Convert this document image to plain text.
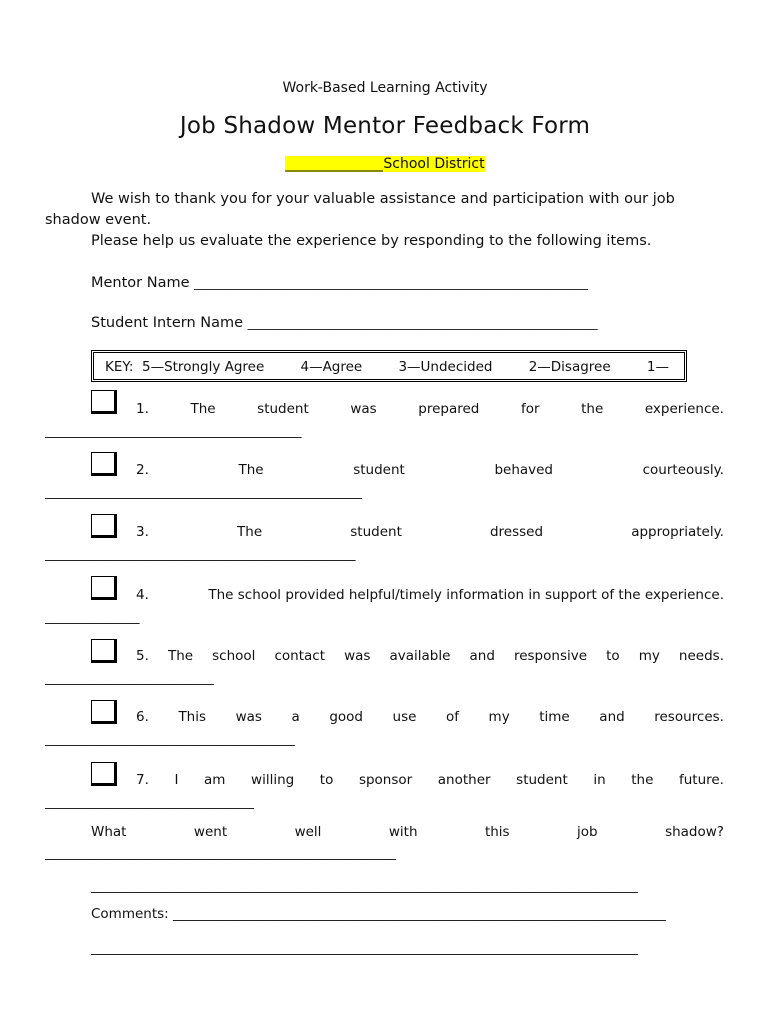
Work-Based Learning Activity
Job Shadow Mentor Feedback Form
______________School District
We wish to thank you for your valuable assistance and participation with our job
shadow event.
Please help us evaluate the experience by responding to the following items.
Mentor Name _______________________________________________________________
Student Intern Name ________________________________________________________
KEY: 5—Strongly Agree	4—Agree	3—Undecided	2—Disagree	1—
1.	The	student	was	prepared	for	the	experience.
______________________________________
2.	The	student	behaved	courteously.
_______________________________________________
3.	The	student	dressed	appropriately.
______________________________________________
4.	The school provided helpful/timely information in support of the experience.
______________
5. The school contact was available and responsive to my needs.
_________________________
6. This was a good use of my time and resources.
_____________________________________
7. I am willing to sponsor another student in the future.
_______________________________
What	went	well	with	this	job	shadow?
____________________________________________________
_________________________________________________________________________________
Comments: _________________________________________________________________________
_________________________________________________________________________________
